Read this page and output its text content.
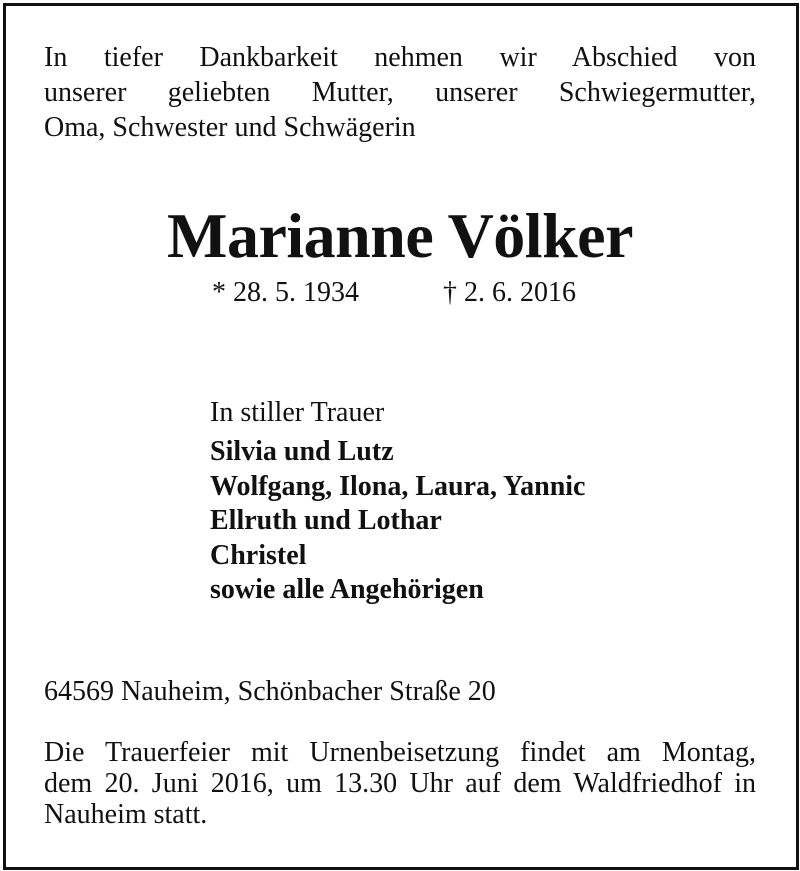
In tiefer Dankbarkeit nehmen wir Abschied von
unserer geliebten Mutter, unserer Schwiegermutter,
Oma, Schwester und Schwägerin
Marianne Völker
* 28. 5. 1934	† 2. 6. 2016
In stiller Trauer
Silvia und Lutz
Wolfgang, Ilona, Laura, Yannic
Ellruth und Lothar
Christel
sowie alle Angehörigen
64569 Nauheim, Schönbacher Straße 20
Die Trauerfeier mit Urnenbeisetzung findet am Montag,
dem 20. Juni 2016, um 13.30 Uhr auf dem Waldfriedhof in
Nauheim statt.
